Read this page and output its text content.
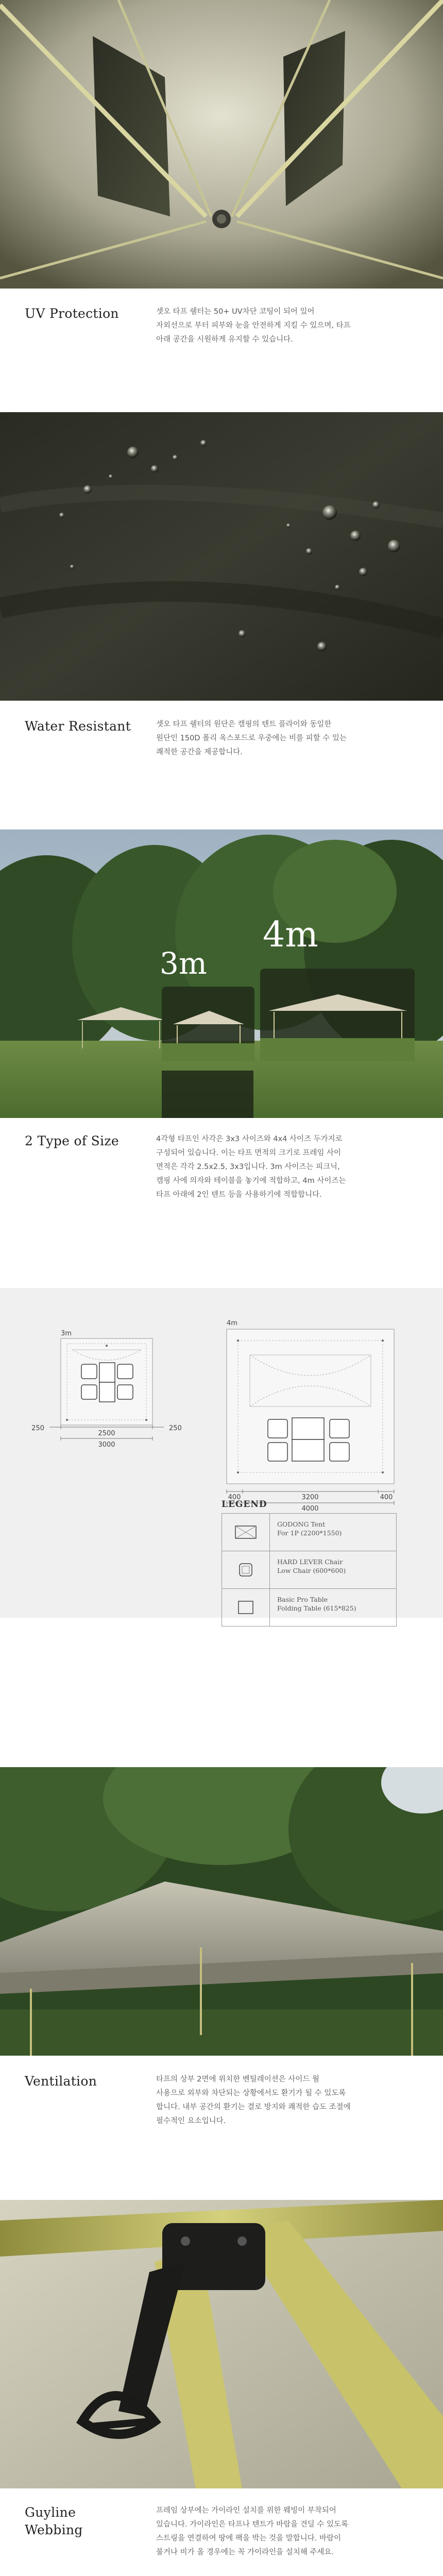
UV Protection	셋오 타프 쉘터는 50+ UV차단 코팅이 되어 있어

자외선으로 부터 피부와 눈을 안전하게 지킬 수 있으며, 타프

아래 공간을 시원하게 유지할 수 있습니다.

Water Resistant	셋오 타프 쉘터의 원단은 캠핑의 텐트 플라이와 동일한

원단인 150D 폴리 옥스포드로 우중에는 비를 피할 수 있는

쾌적한 공간을 제공합니다.

3m
4m
2 Type of Size	4각형 타프인 사각은 3x3 사이즈와 4x4 사이즈 두가지로

구성되어 있습니다. 이는 타프 면적의 크기로 프레임 사이

면적은 각각 2.5x2.5, 3x3입니다. 3m 사이즈는 피크닉,

캠핑 사에 의자와 테이블을 놓기에 적합하고, 4m 사이즈는

타프 아래에 2인 텐트 등을 사용하기에 적합합니다.

3m
250
2500
250
3000
4m
400	3200	400
4000
LEGEND
GODONG Tent
For 1P (2200*1550)
HARD LEVER Chair
Low Chair (600*600)
Basic Pro Table
Folding Table (615*825)
Ventilation	타프의 상부 2면에 위치한 벤틸레이션은 사이드 월

사용으로 외부와 차단되는 상황에서도 환기가 될 수 있도록

합니다. 내부 공간의 환기는 결로 방지와 쾌적한 습도 조절에

필수적인 요소입니다.

Guyline
Webbing

프레임 상부에는 가이라인 설치를 위한 웨빙이 부착되어

있습니다. 가이라인은 타프나 텐트가 바람을 견딜 수 있도록

스트링을 연결하여 땅에 팩을 박는 것을 말합니다. 바람이

불거나 비가 올 경우에는 꼭 가이라인을 설치해 주세요.
